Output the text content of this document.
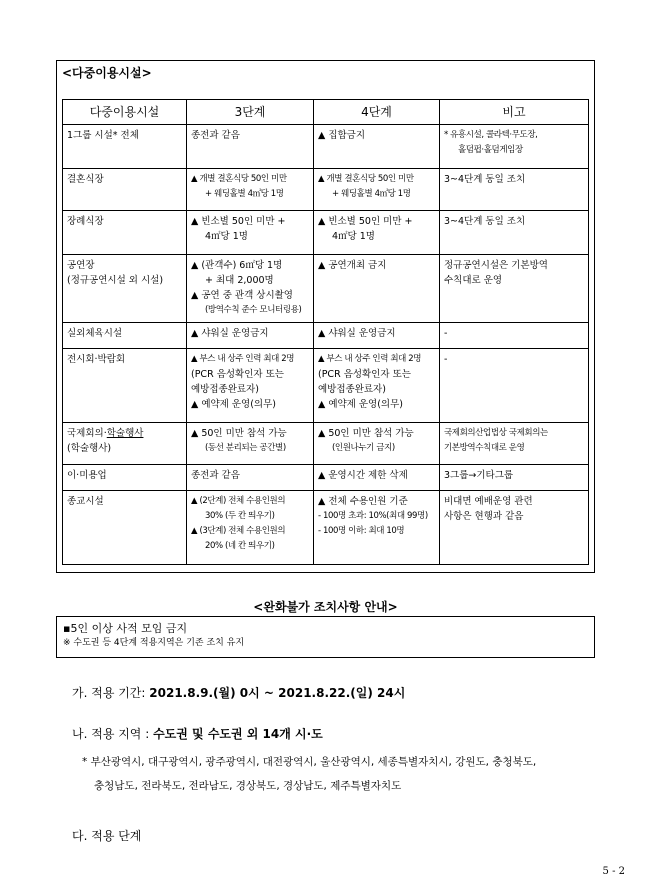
<다중이용시설>
다중이용시설	3단계	4단계	비고

1그룹 시설* 전체	종전과 같음	▲ 집합금지	* 유흥시설, 콜라텍·무도장,
홀덤펍·홀덤게임장

결혼식장	▲ 개별 결혼식당 50인 미만
+ 웨딩홀별 4㎡당 1명	▲ 개별 결혼식당 50인 미만
+ 웨딩홀별 4㎡당 1명	3~4단계 동일 조치

장례식장	▲ 빈소별 50인 미만 +
4㎡당 1명	▲ 빈소별 50인 미만 +
4㎡당 1명	3~4단계 동일 조치

공연장
(정규공연시설 외 시설)	▲ (관객수) 6㎡당 1명
+ 최대 2,000명
▲ 공연 중 관객 상시촬영
(방역수칙 준수 모니터링용)	▲ 공연개최 금지	정규공연시설은 기본방역
수칙대로 운영

실외체육시설	▲ 샤워실 운영금지	▲ 샤워실 운영금지	-

전시회·박람회	▲ 부스 내 상주 인력 최대 2명
(PCR 음성확인자 또는
예방접종완료자)
▲ 예약제 운영(의무)	▲ 부스 내 상주 인력 최대 2명
(PCR 음성확인자 또는
예방접종완료자)
▲ 예약제 운영(의무)	-

국제회의·학술행사
(학술행사)	▲ 50인 미만 참석 가능
(동선 분리되는 공간별)	▲ 50인 미만 참석 가능
(인원나누기 금지)	국제회의산업법상 국제회의는
기본방역수칙대로 운영

이·미용업	종전과 같음	▲ 운영시간 제한 삭제	3그룹→기타그룹

종교시설	▲ (2단계) 전체 수용인원의
30% (두 칸 띄우기)
▲ (3단계) 전체 수용인원의
20% (네 칸 띄우기)	▲ 전체 수용인원 기준
- 100명 초과: 10%(최대 99명)
- 100명 이하: 최대 10명	비대면 예배운영 관련
사항은 현행과 같음
<완화불가 조치사항 안내>
▪5인 이상 사적 모임 금지
※ 수도권 등 4단계 적용지역은 기존 조치 유지
가. 적용 기간: 2021.8.9.(월) 0시 ~ 2021.8.22.(일) 24시
나. 적용 지역 : 수도권 및 수도권 외 14개 시·도
* 부산광역시, 대구광역시, 광주광역시, 대전광역시, 울산광역시, 세종특별자치시, 강원도, 충청북도,
충청남도, 전라북도, 전라남도, 경상북도, 경상남도, 제주특별자치도
다. 적용 단계
5 - 2
